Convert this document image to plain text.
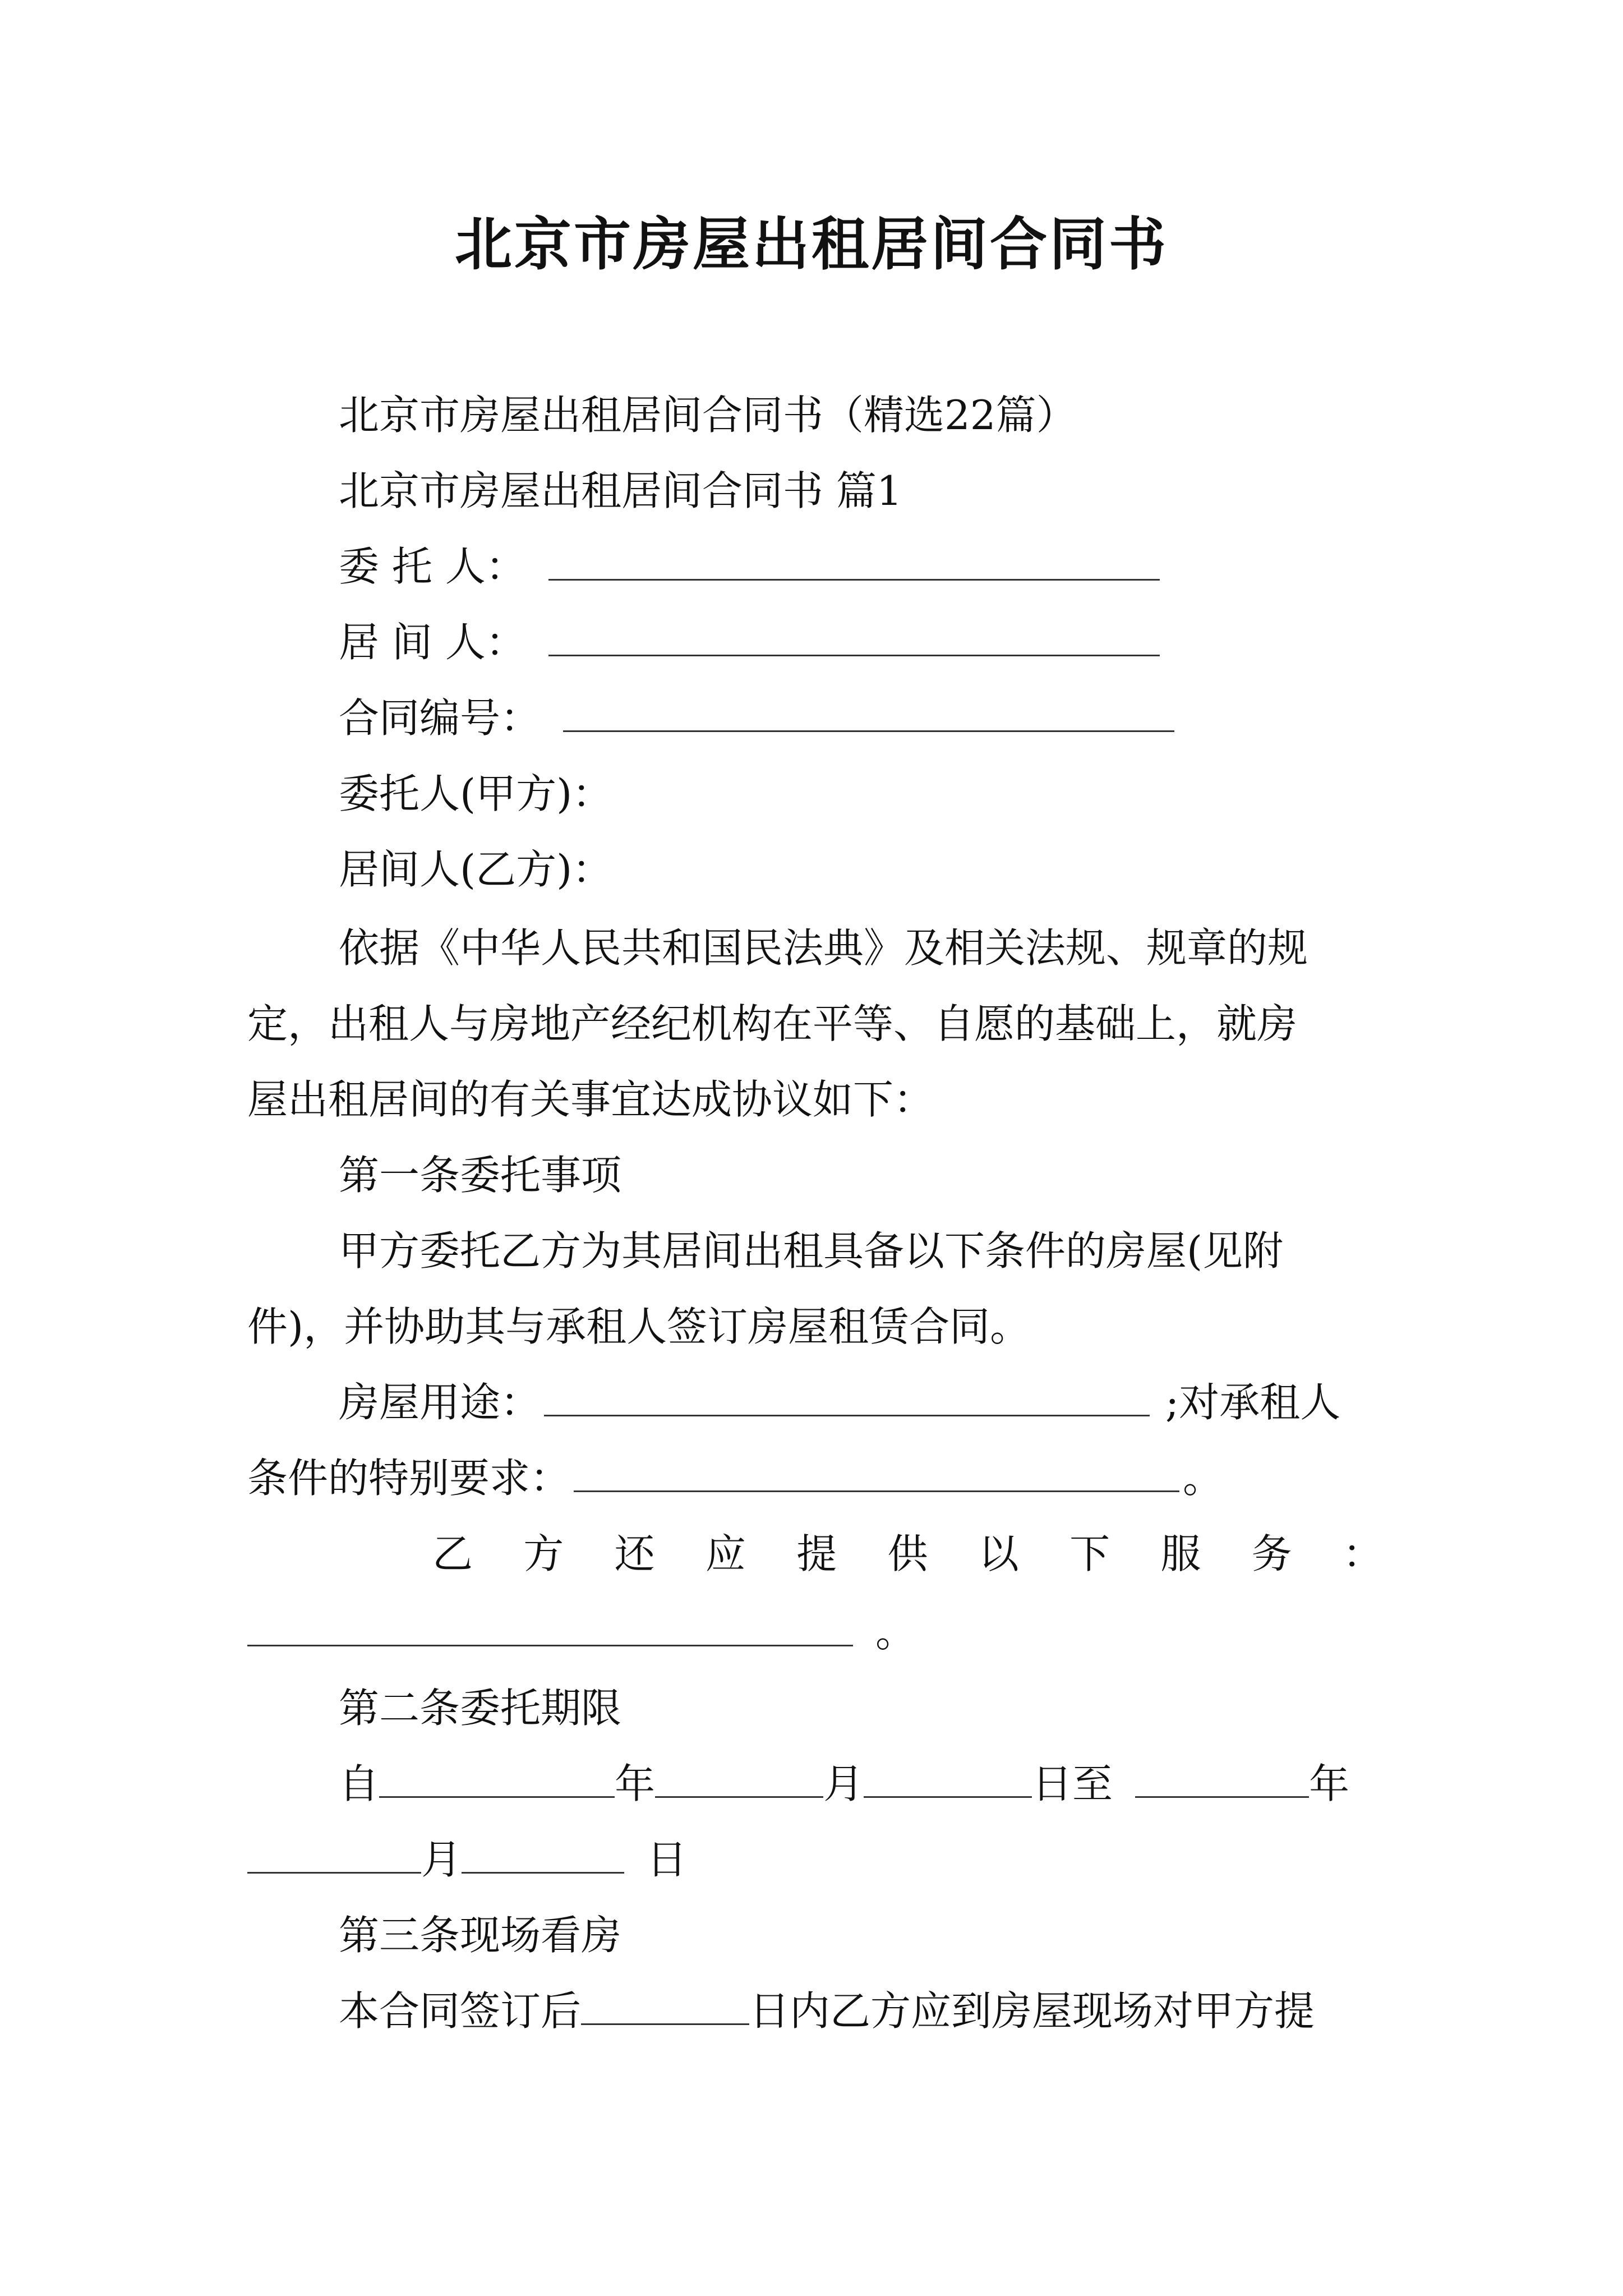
北京市房屋出租居间合同书
北京市房屋出租居间合同书（精选22篇）
北京市房屋出租居间合同书 篇1
委 托 人：
居 间 人：
合同编号：
委托人(甲方)：
居间人(乙方)：
依据《中华人民共和国民法典》及相关法规、规章的规
定，出租人与房地产经纪机构在平等、自愿的基础上，就房
屋出租居间的有关事宜达成协议如下：
第一条委托事项
甲方委托乙方为其居间出租具备以下条件的房屋(见附
件)，并协助其与承租人签订房屋租赁合同。
房屋用途：	;对承租人
条件的特别要求：	。
乙 方 还 应 提 供 以 下 服 务 ：
。
第二条委托期限
自	年	月	日至	年
月	日
第三条现场看房
本合同签订后	日内乙方应到房屋现场对甲方提
